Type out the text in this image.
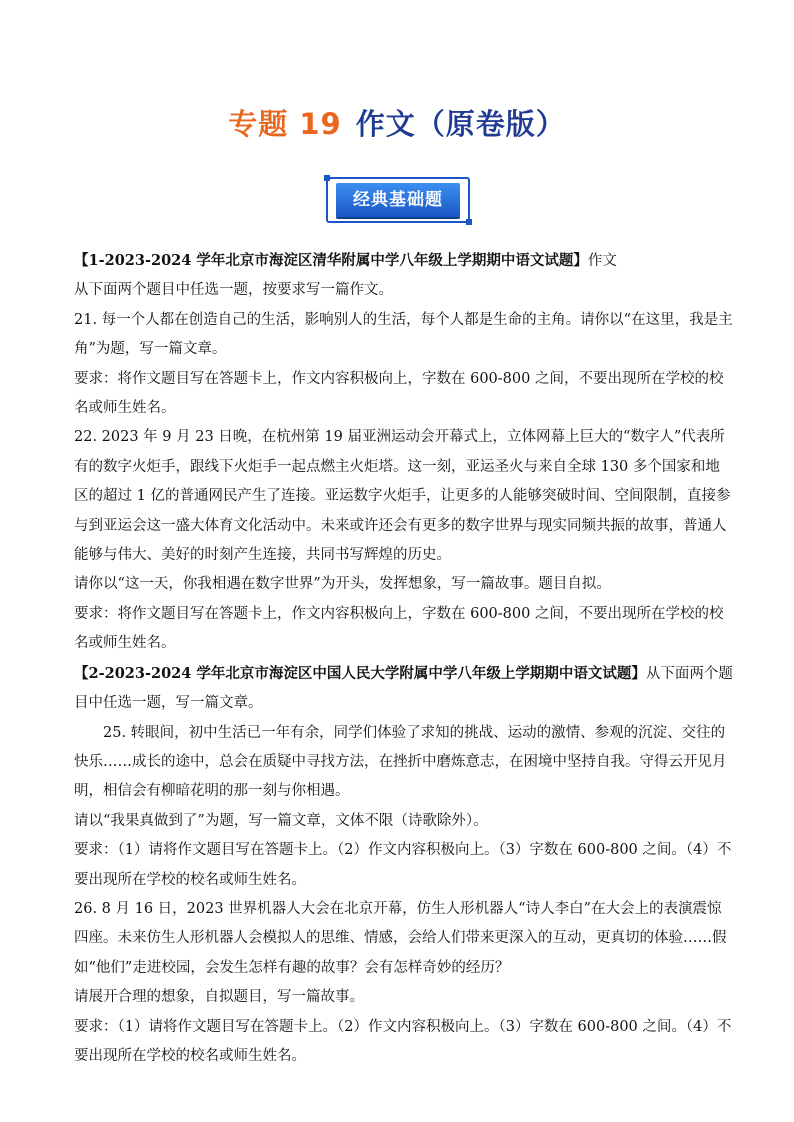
专题 19 作文（原卷版）
经典基础题

【1-2023-2024 学年北京市海淀区清华附属中学八年级上学期期中语文试题】作文

从下面两个题目中任选一题，按要求写一篇作文。

21. 每一个人都在创造自己的生活，影响别人的生活，每个人都是生命的主角。请你以“在这里，我是主角”为题，写一篇文章。

要求：将作文题目写在答题卡上，作文内容积极向上，字数在 600-800 之间，不要出现所在学校的校名或师生姓名。

22. 2023 年 9 月 23 日晚，在杭州第 19 届亚洲运动会开幕式上，立体网幕上巨大的“数字人”代表所有的数字火炬手，跟线下火炬手一起点燃主火炬塔。这一刻，亚运圣火与来自全球 130 多个国家和地区的超过 1 亿的普通网民产生了连接。亚运数字火炬手，让更多的人能够突破时间、空间限制，直接参与到亚运会这一盛大体育文化活动中。未来或许还会有更多的数字世界与现实同频共振的故事，普通人能够与伟大、美好的时刻产生连接，共同书写辉煌的历史。

请你以“这一天，你我相遇在数字世界”为开头，发挥想象，写一篇故事。题目自拟。

要求：将作文题目写在答题卡上，作文内容积极向上，字数在 600-800 之间，不要出现所在学校的校名或师生姓名。

【2-2023-2024 学年北京市海淀区中国人民大学附属中学八年级上学期期中语文试题】从下面两个题目中任选一题，写一篇文章。

25. 转眼间，初中生活已一年有余，同学们体验了求知的挑战、运动的激情、参观的沉淀、交往的快乐……成长的途中，总会在质疑中寻找方法，在挫折中磨炼意志，在困境中坚持自我。守得云开见月明，相信会有柳暗花明的那一刻与你相遇。

请以“我果真做到了”为题，写一篇文章，文体不限（诗歌除外）。

要求：（1）请将作文题目写在答题卡上。（2）作文内容积极向上。（3）字数在 600-800 之间。（4）不要出现所在学校的校名或师生姓名。

26. 8 月 16 日，2023 世界机器人大会在北京开幕，仿生人形机器人“诗人李白”在大会上的表演震惊四座。未来仿生人形机器人会模拟人的思维、情感，会给人们带来更深入的互动，更真切的体验……假如“他们”走进校园，会发生怎样有趣的故事？会有怎样奇妙的经历？

请展开合理的想象，自拟题目，写一篇故事。

要求：（1）请将作文题目写在答题卡上。（2）作文内容积极向上。（3）字数在 600-800 之间。（4）不要出现所在学校的校名或师生姓名。
